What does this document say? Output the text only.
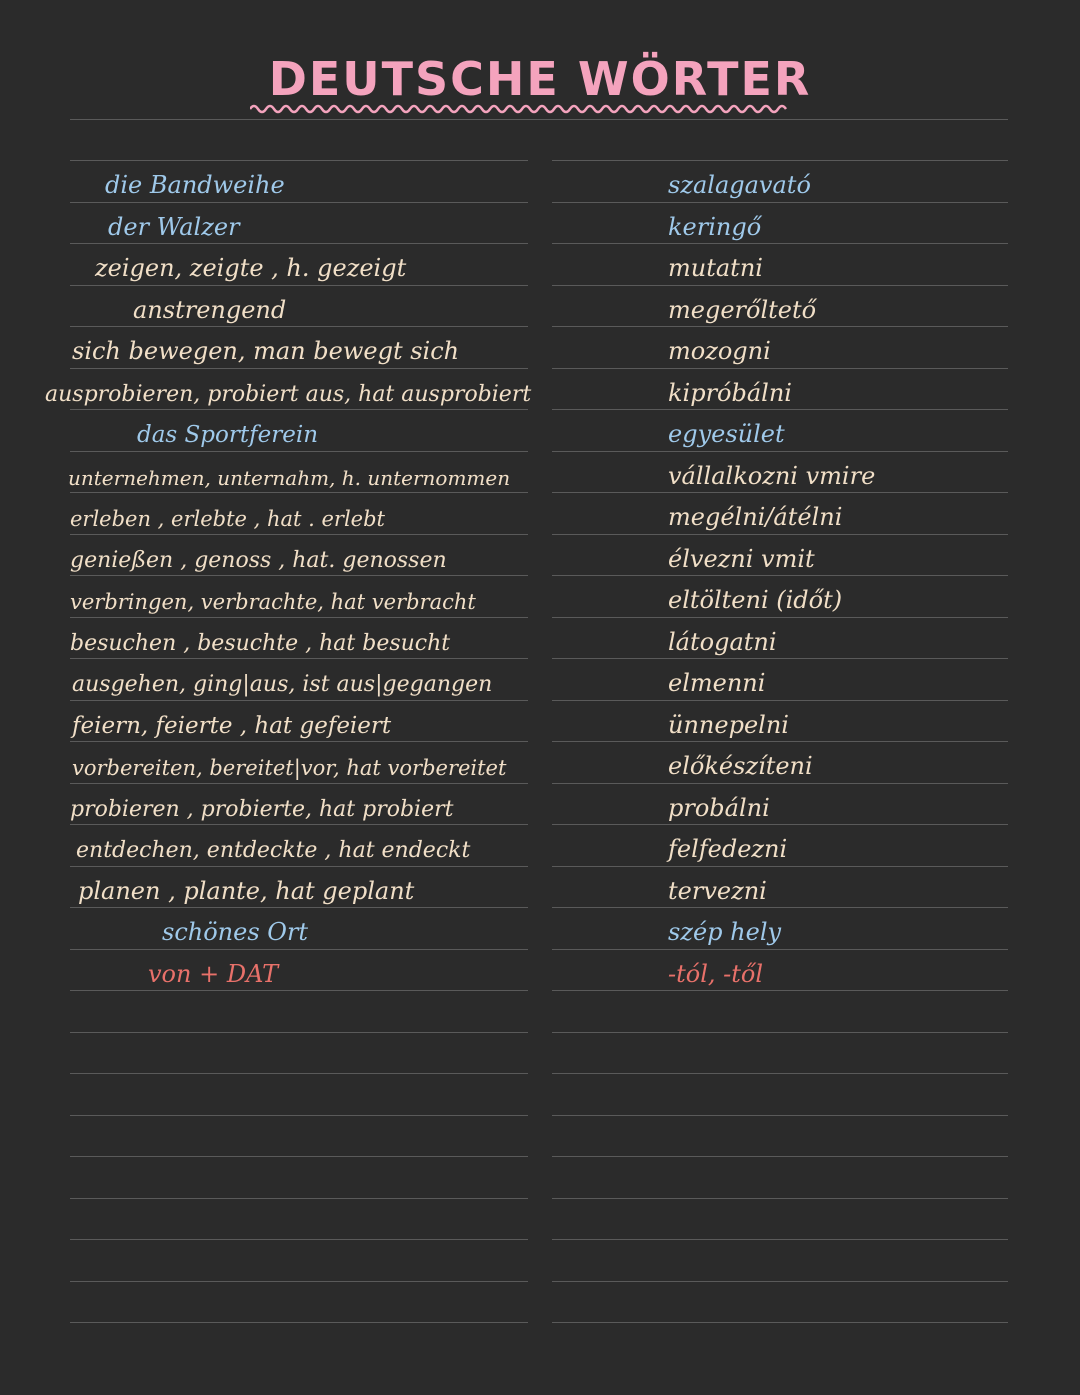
DEUTSCHE WÖRTER
die Bandweihe	szalagavató
der Walzer	keringő
zeigen, zeigte , h. gezeigt	mutatni
anstrengend	megerőltető
sich bewegen, man bewegt sich	mozogni
ausprobieren, probiert aus, hat ausprobiert	kipróbálni
das Sportferein	egyesület
unternehmen, unternahm, h. unternommen	vállalkozni vmire
erleben , erlebte , hat . erlebt	megélni/átélni
genießen , genoss , hat. genossen	élvezni vmit
verbringen, verbrachte, hat verbracht	eltölteni (időt)
besuchen , besuchte , hat besucht	látogatni
ausgehen, ging|aus, ist aus|gegangen	elmenni
feiern, feierte , hat gefeiert	ünnepelni
vorbereiten, bereitet|vor, hat vorbereitet	előkészíteni
probieren , probierte, hat probiert	probálni
entdechen, entdeckte , hat endeckt	felfedezni
planen , plante, hat geplant	tervezni
schönes Ort	szép hely
von + DAT	-tól, -től
